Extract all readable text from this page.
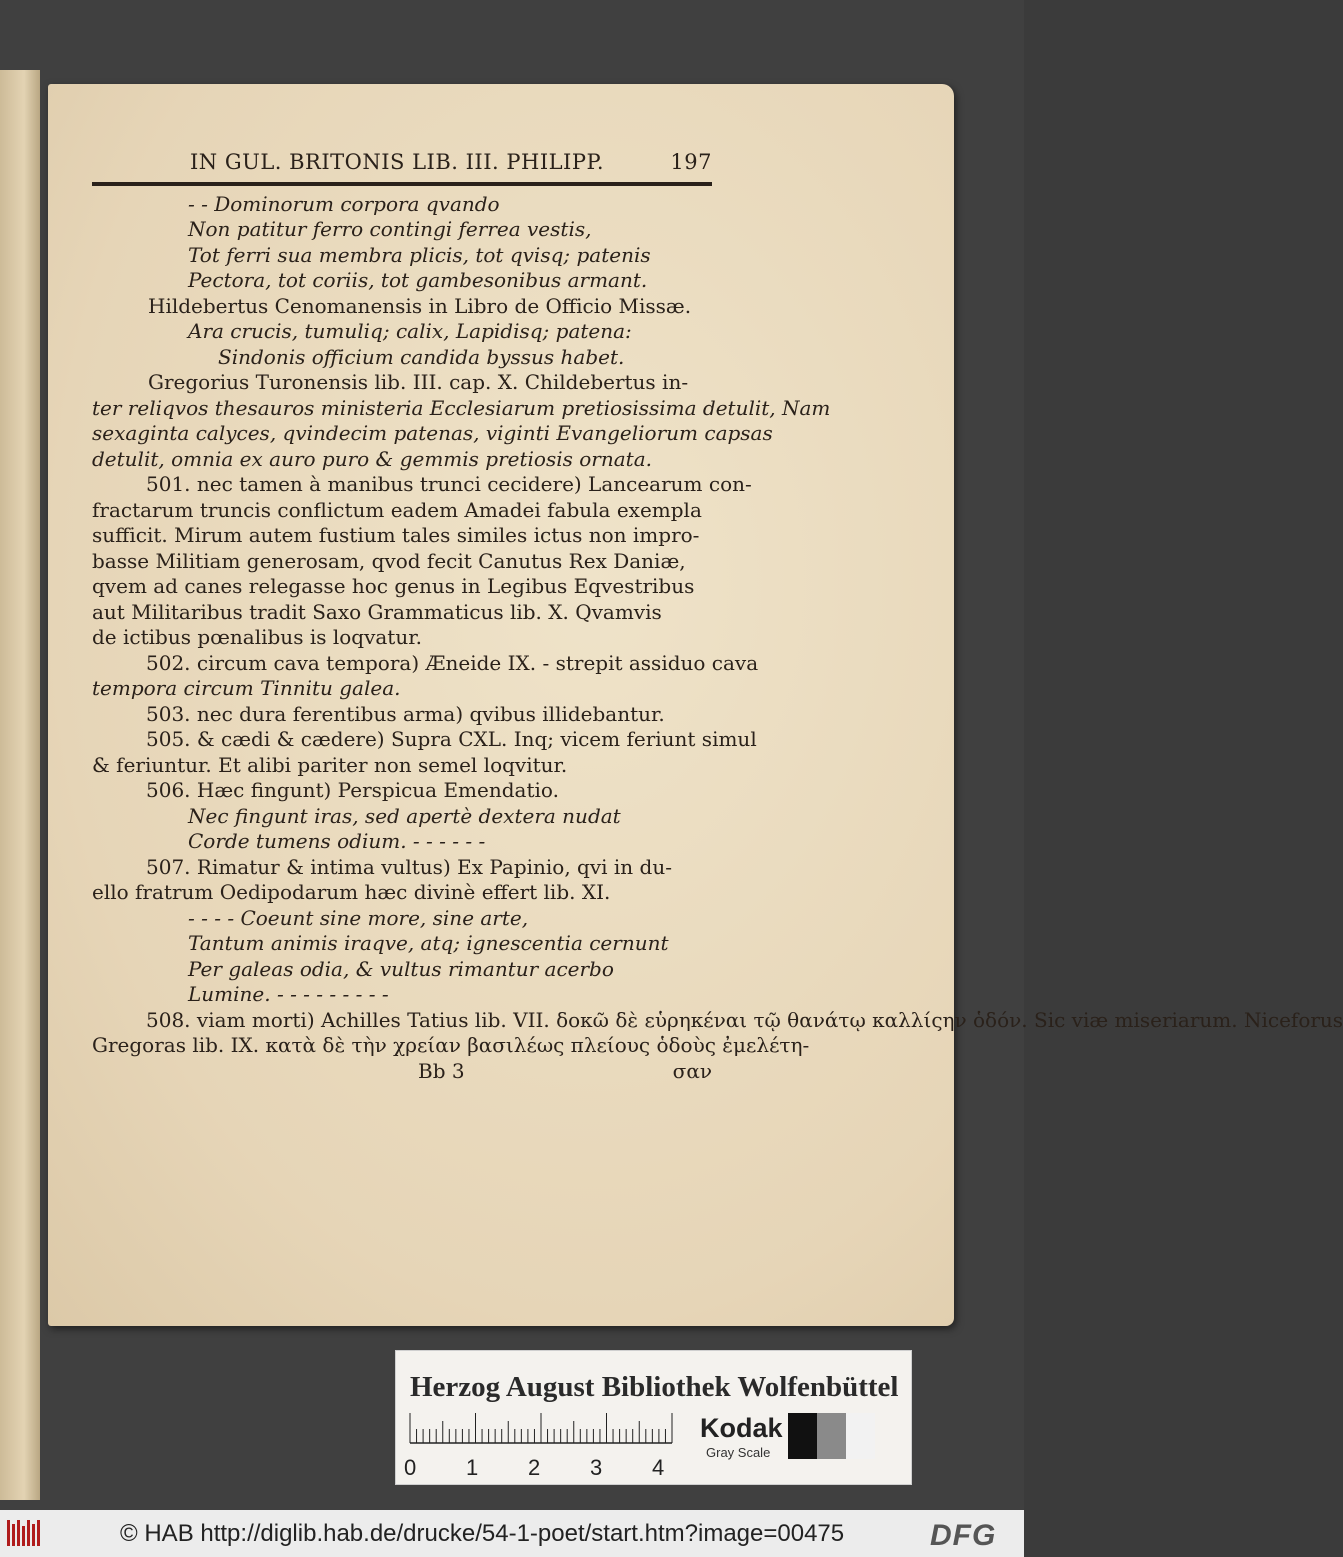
IN GUL. BRITONIS LIB. III. PHILIPP.	197
- - Dominorum corpora qvando
Non patitur ferro contingi ferrea vestis,
Tot ferri sua membra plicis, tot qvisq; patenis
Pectora, tot coriis, tot gambesonibus armant.
Hildebertus Cenomanensis in Libro de Officio Missæ.
Ara crucis, tumuliq; calix, Lapidisq; patena:
Sindonis officium candida byssus habet.
Gregorius Turonensis lib. III. cap. X. Childebertus in-
ter reliqvos thesauros ministeria Ecclesiarum pretiosissima detulit, Nam
sexaginta calyces, qvindecim patenas, viginti Evangeliorum capsas
detulit, omnia ex auro puro & gemmis pretiosis ornata.
501. nec tamen à manibus trunci cecidere) Lancearum con-
fractarum truncis conflictum eadem Amadei fabula exempla
sufficit. Mirum autem fustium tales similes ictus non impro-
basse Militiam generosam, qvod fecit Canutus Rex Daniæ,
qvem ad canes relegasse hoc genus in Legibus Eqvestribus
aut Militaribus tradit Saxo Grammaticus lib. X. Qvamvis
de ictibus pœnalibus is loqvatur.
502. circum cava tempora) Æneide IX. - strepit assiduo cava
tempora circum Tinnitu galea.
503. nec dura ferentibus arma) qvibus illidebantur.
505. & cædi & cædere) Supra CXL. Inq; vicem feriunt simul
& feriuntur. Et alibi pariter non semel loqvitur.
506. Hæc fingunt) Perspicua Emendatio.
Nec fingunt iras, sed apertè dextera nudat
Corde tumens odium. - - - - - -
507. Rimatur & intima vultus) Ex Papinio, qvi in du-
ello fratrum Oedipodarum hæc divinè effert lib. XI.
- - - - Coeunt sine more, sine arte,
Tantum animis iraqve, atq; ignescentia cernunt
Per galeas odia, & vultus rimantur acerbo
Lumine. - - - - - - - - -
508. viam morti) Achilles Tatius lib. VII. δοκῶ δὲ εὑρηκέναι τῷ θανάτῳ καλλίςην ὁδόν. Sic viæ miseriarum. Niceforus
Gregoras lib. IX. κατὰ δὲ τὴν χρείαν βασιλέως πλείους ὁδοὺς ἐμελέτη-
Bb 3	σαν
Herzog August Bibliothek Wolfenbüttel
0 1 2 3 4
Kodak
Gray Scale
© HAB http://diglib.hab.de/drucke/54-1-poet/start.htm?image=00475	DFG
